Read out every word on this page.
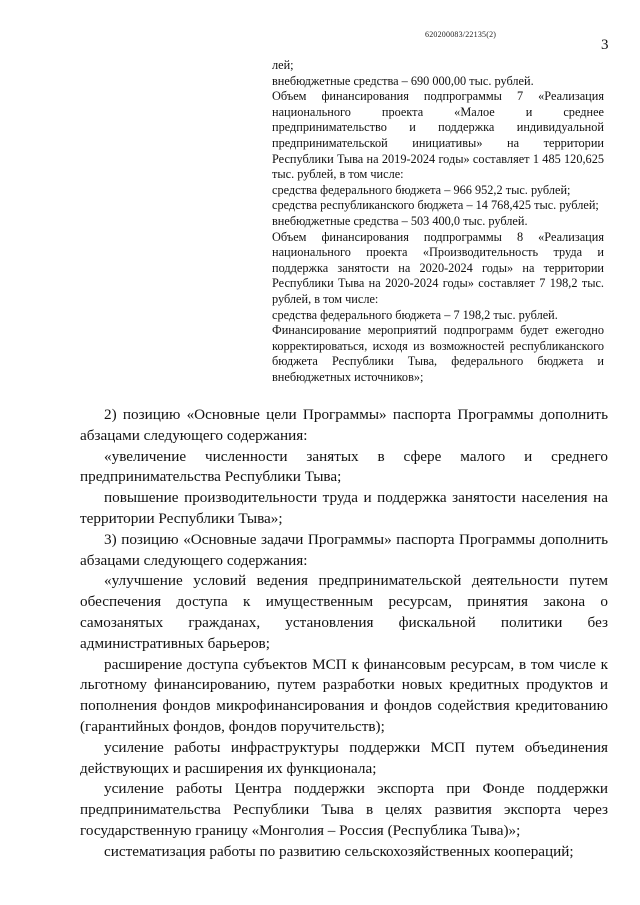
620200083/22135(2)
3

лей;

внебюджетные средства – 690 000,00 тыс. рублей.

Объем финансирования подпрограммы 7 «Реализация национального проекта «Малое и среднее предпринимательство и поддержка индивидуальной предпринимательской инициативы» на территории Республики Тыва на 2019-2024 годы» составляет 1 485 120,625 тыс. рублей, в том числе:

средства федерального бюджета – 966 952,2 тыс. рублей;

средства республиканского бюджета – 14 768,425 тыс. рублей;

внебюджетные средства – 503 400,0 тыс. рублей.

Объем финансирования подпрограммы 8 «Реализация национального проекта «Производительность труда и поддержка занятости на 2020-2024 годы» на территории Республики Тыва на 2020-2024 годы» составляет 7 198,2 тыс. рублей, в том числе:

средства федерального бюджета – 7 198,2 тыс. рублей.

Финансирование мероприятий подпрограмм будет ежегодно корректироваться, исходя из возможностей республиканского бюджета Республики Тыва, федерального бюджета и внебюджетных источников»;

2) позицию «Основные цели Программы» паспорта Программы дополнить абзацами следующего содержания:

«увеличение численности занятых в сфере малого и среднего предпринимательства Республики Тыва;

повышение производительности труда и поддержка занятости населения на территории Республики Тыва»;

3) позицию «Основные задачи Программы» паспорта Программы дополнить абзацами следующего содержания:

«улучшение условий ведения предпринимательской деятельности путем обеспечения доступа к имущественным ресурсам, принятия закона о самозанятых гражданах, установления фискальной политики без административных барьеров;

расширение доступа субъектов МСП к финансовым ресурсам, в том числе к льготному финансированию, путем разработки новых кредитных продуктов и пополнения фондов микрофинансирования и фондов содействия кредитованию (гарантийных фондов, фондов поручительств);

усиление работы инфраструктуры поддержки МСП путем объединения действующих и расширения их функционала;

усиление работы Центра поддержки экспорта при Фонде поддержки предпринимательства Республики Тыва в целях развития экспорта через государственную границу «Монголия – Россия (Республика Тыва)»;

систематизация работы по развитию сельскохозяйственных коопераций;
